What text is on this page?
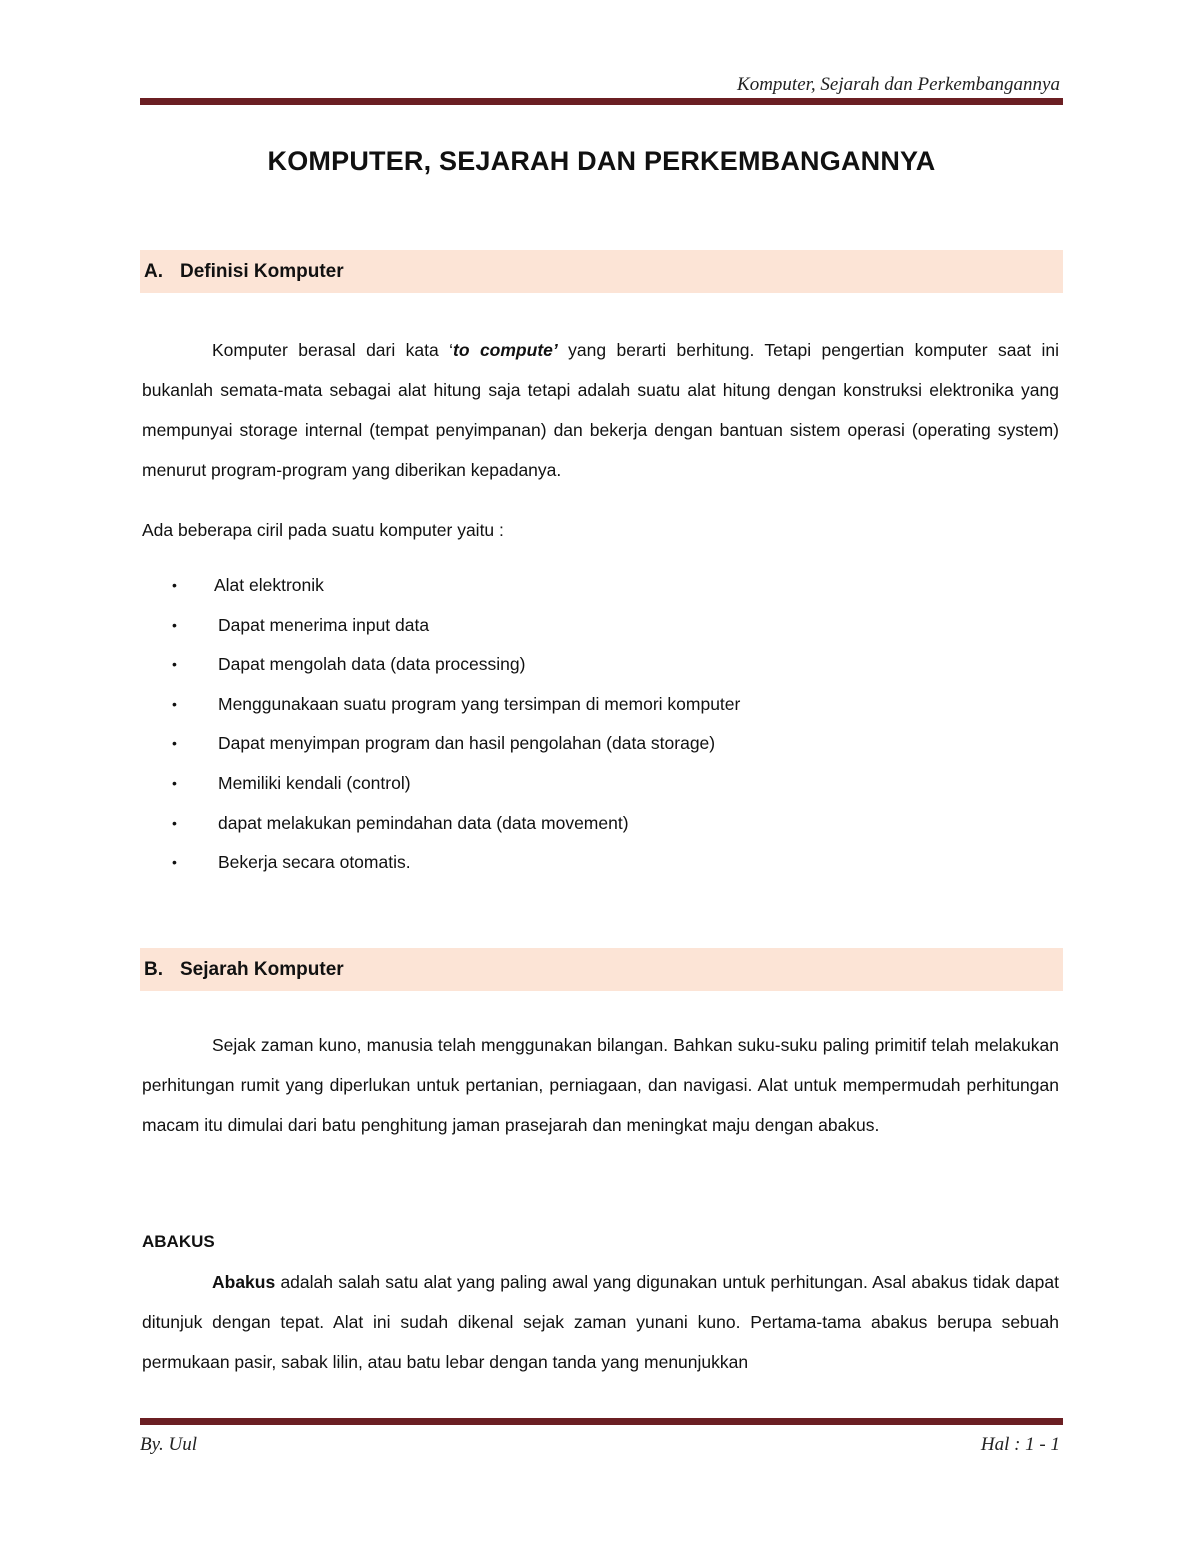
Komputer, Sejarah dan Perkembangannya
KOMPUTER, SEJARAH DAN PERKEMBANGANNYA
A. Definisi Komputer
Komputer berasal dari kata ‘to compute’ yang berarti berhitung. Tetapi pengertian komputer saat ini bukanlah semata-mata sebagai alat hitung saja tetapi adalah suatu alat hitung dengan konstruksi elektronika yang mempunyai storage internal (tempat penyimpanan) dan bekerja dengan bantuan sistem operasi (operating system) menurut program-program yang diberikan kepadanya.
Ada beberapa ciril pada suatu komputer yaitu :
•	Alat elektronik
•	Dapat menerima input data
•	Dapat mengolah data (data processing)
•	Menggunakaan suatu program yang tersimpan di memori komputer
•	Dapat menyimpan program dan hasil pengolahan (data storage)
•	Memiliki kendali (control)
•	dapat melakukan pemindahan data (data movement)
•	Bekerja secara otomatis.
B. Sejarah Komputer
Sejak zaman kuno, manusia telah menggunakan bilangan. Bahkan suku-suku paling primitif telah melakukan perhitungan rumit yang diperlukan untuk pertanian, perniagaan, dan navigasi. Alat untuk mempermudah perhitungan macam itu dimulai dari batu penghitung jaman prasejarah dan meningkat maju dengan abakus.
ABAKUS
Abakus adalah salah satu alat yang paling awal yang digunakan untuk perhitungan. Asal abakus tidak dapat ditunjuk dengan tepat. Alat ini sudah dikenal sejak zaman yunani kuno. Pertama-tama abakus berupa sebuah permukaan pasir, sabak lilin, atau batu lebar dengan tanda yang menunjukkan
By. Uul	Hal : 1 - 1
